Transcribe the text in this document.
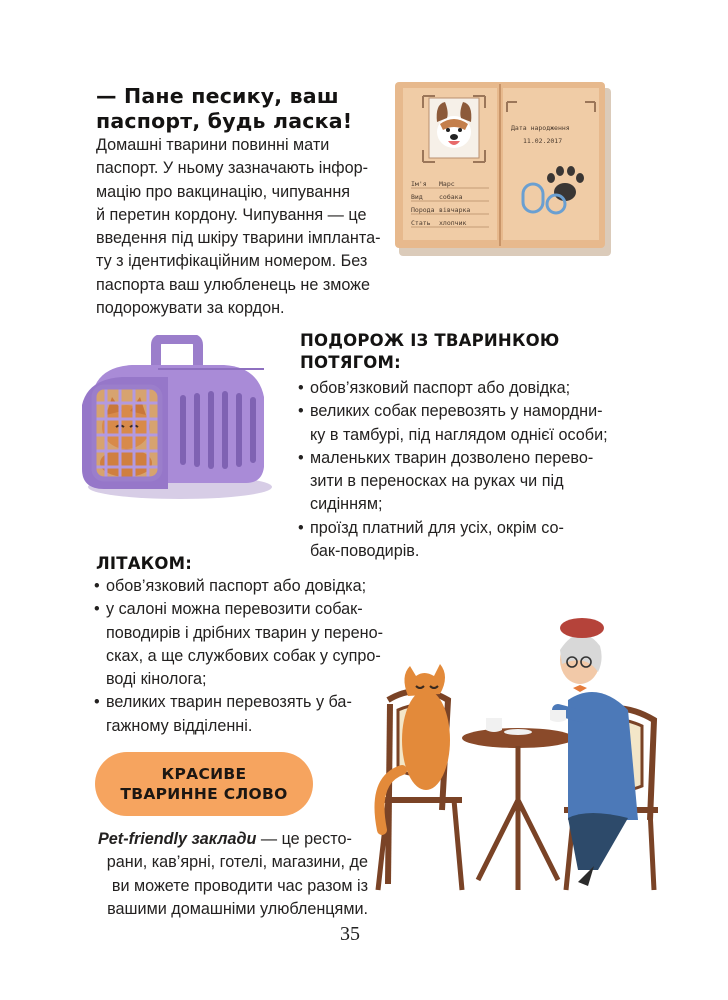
— Пане песику, ваш
паспорт, будь ласка!
Домашні тварини повинні мати
паспорт. У ньому зазначають інфор-
мацію про вакцинацію, чипування
й перетин кордону. Чипування — це
введення під шкіру тварини імпланта-
ту з ідентифікаційним номером. Без
паспорта ваш улюбленець не зможе
подорожувати за кордон.
Ім'я
Вид
Порода
Стать
Марс
собака
вівчарка
хлопчик
Дата народження
11.02.2017
ПОДОРОЖ ІЗ ТВАРИНКОЮ
ПОТЯГОМ:
• обов’язковий паспорт або довідка;
• великих собак перевозять у намордни-
ку в тамбурі, під наглядом однієї особи;
• маленьких тварин дозволено перево-
зити в переносках на руках чи під
сидінням;
• проїзд платний для усіх, окрім со-
бак-поводирів.
ЛІТАКОМ:
• обов’язковий паспорт або довідка;
• у салоні можна перевозити собак-
поводирів і дрібних тварин у перено-
сках, а ще службових собак у супро-
воді кінолога;
• великих тварин перевозять у ба-
гажному відділенні.
КРАСИВЕ
ТВАРИННЕ СЛОВО
Pet-friendly заклади — це ресто-
рани, кав’ярні, готелі, магазини, де
ви можете проводити час разом із
вашими домашніми улюбленцями.
35
